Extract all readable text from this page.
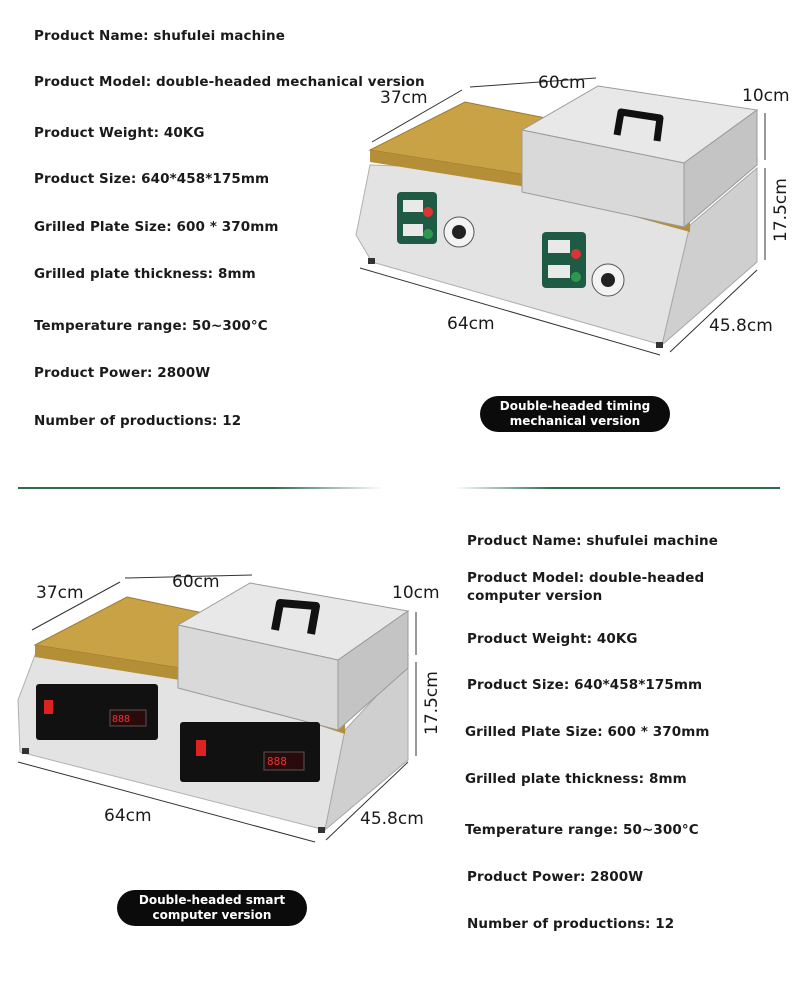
Product Name: shufulei machine
Product Model: double-headed mechanical version
Product Weight: 40KG
Product Size: 640*458*175mm
Grilled Plate Size: 600 * 370mm
Grilled plate thickness: 8mm
Temperature range: 50~300°C
Product Power: 2800W
Number of productions: 12
37cm
60cm
10cm
17.5cm
64cm	45.8cm
Double-headed timing
mechanical version
888
888
37cm
60cm
10cm
17.5cm
64cm	45.8cm
Product Name: shufulei machine
Product Model: double-headed computer version
Product Weight: 40KG
Product Size: 640*458*175mm
Grilled Plate Size: 600 * 370mm
Grilled plate thickness: 8mm
Temperature range: 50~300°C
Product Power: 2800W
Number of productions: 12
Double-headed smart
computer version
